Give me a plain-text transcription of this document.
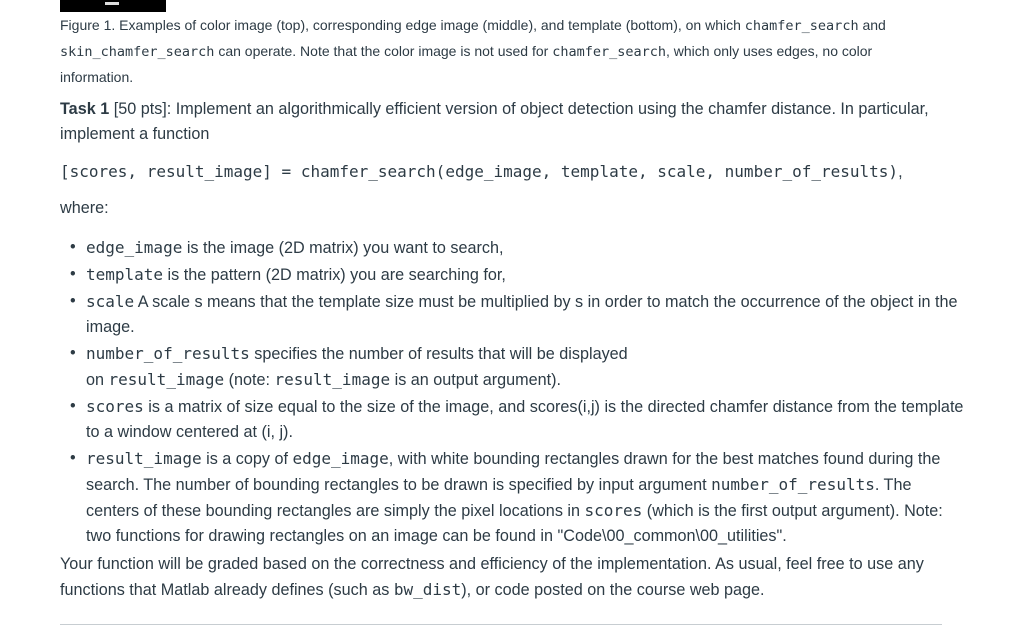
Figure 1. Examples of color image (top), corresponding edge image (middle), and template (bottom), on which chamfer_search and skin_chamfer_search can operate. Note that the color image is not used for chamfer_search, which only uses edges, no color information.

Task 1 [50 pts]: Implement an algorithmically efficient version of object detection using the chamfer distance. In particular, implement a function

[scores, result_image] = chamfer_search(edge_image, template, scale, number_of_results),

where:

• edge_image is the image (2D matrix) you want to search,
• template is the pattern (2D matrix) you are searching for,
• scale A scale s means that the template size must be multiplied by s in order to match the occurrence of the object in the image.
• number_of_results specifies the number of results that will be displayed
on result_image (note: result_image is an output argument).
• scores is a matrix of size equal to the size of the image, and scores(i,j) is the directed chamfer distance from the template to a window centered at (i, j).
• result_image is a copy of edge_image, with white bounding rectangles drawn for the best matches found during the search. The number of bounding rectangles to be drawn is specified by input argument number_of_results. The centers of these bounding rectangles are simply the pixel locations in scores (which is the first output argument). Note: two functions for drawing rectangles on an image can be found in "Code\00_common\00_utilities".

Your function will be graded based on the correctness and efficiency of the implementation. As usual, feel free to use any functions that Matlab already defines (such as bw_dist), or code posted on the course web page.
